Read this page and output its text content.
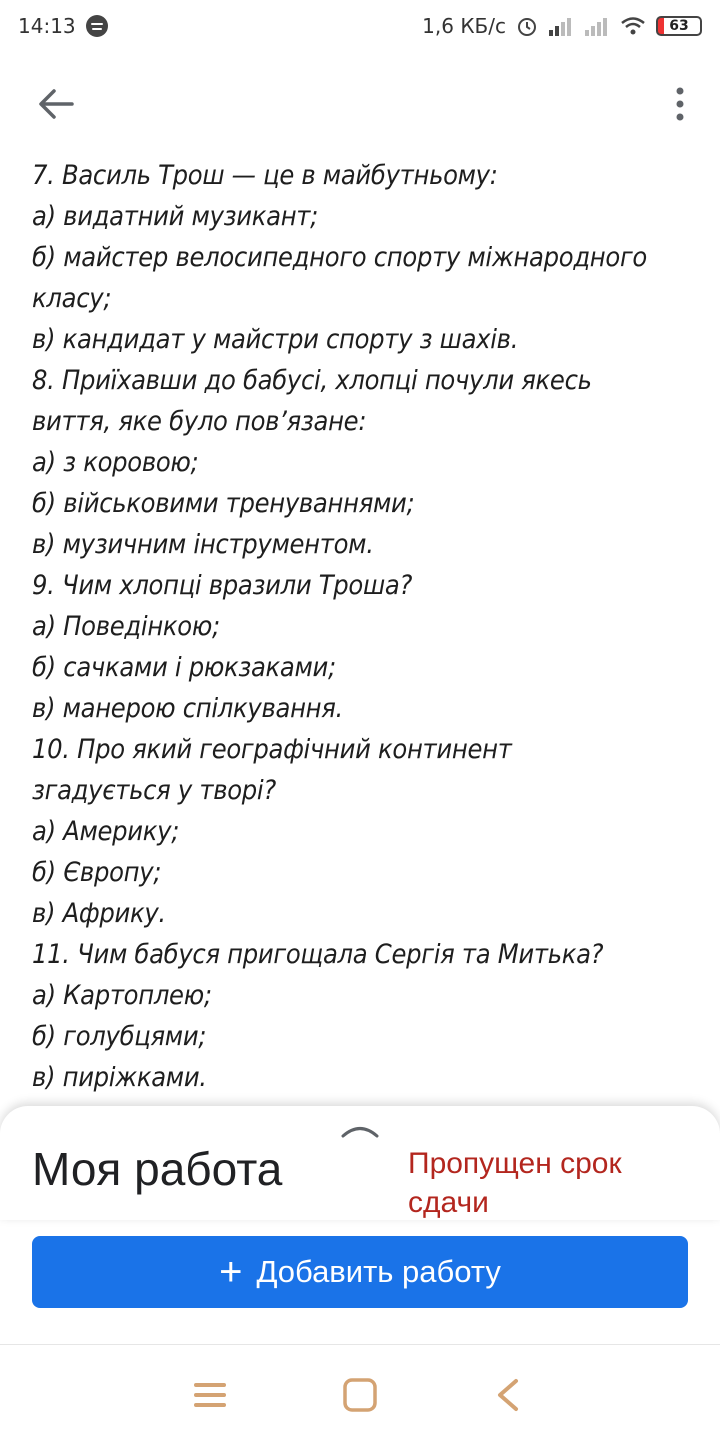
14:13	1,6 КБ/с	63
7. Василь Трош — це в майбутньому:
а) видатний музикант;
б) майстер велосипедного спорту міжнародного
класу;
в) кандидат у майстри спорту з шахів.
8. Приїхавши до бабусі, хлопці почули якесь
виття, яке було пов’язане:
а) з коровою;
б) військовими тренуваннями;
в) музичним інструментом.
9. Чим хлопці вразили Троша?
а) Поведінкою;
б) сачками і рюкзаками;
в) манерою спілкування.
10. Про який географічний континент
згадується у творі?
а) Америку;
б) Європу;
в) Африку.
11. Чим бабуся пригощала Сергія та Митька?
а) Картоплею;
б) голубцями;
в) пиріжками.
Моя работа	Пропущен срок сдачи
+ Добавить работу
